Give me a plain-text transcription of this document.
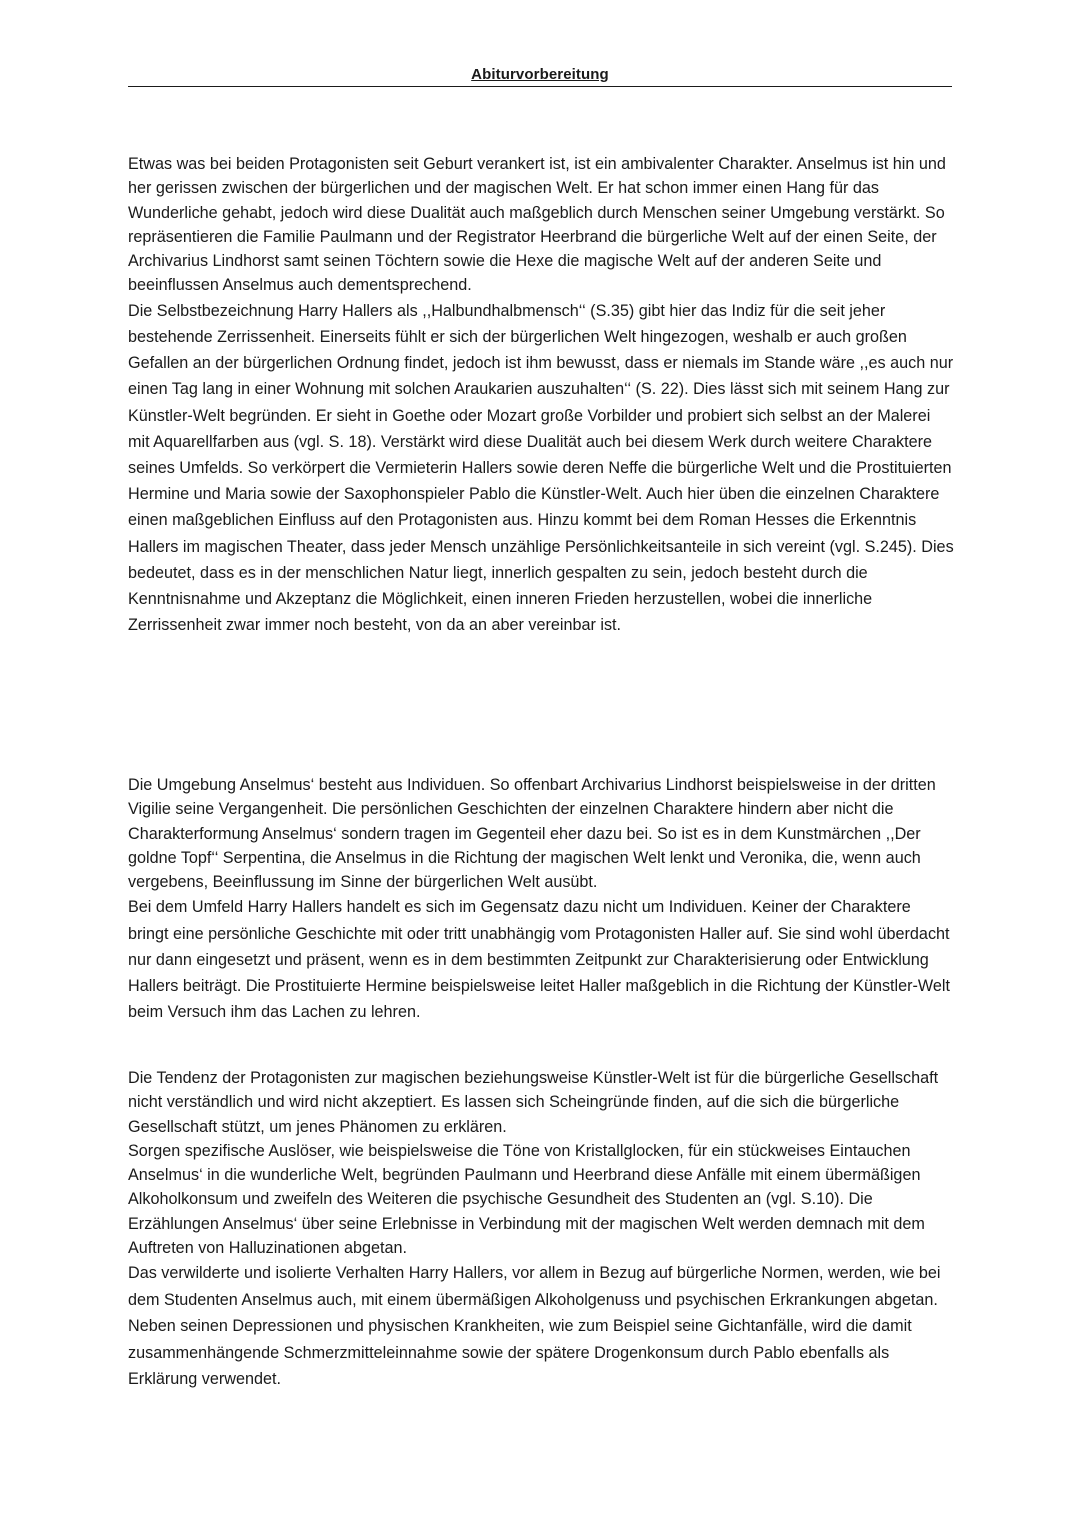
Abiturvorbereitung

Etwas was bei beiden Protagonisten seit Geburt verankert ist, ist ein ambivalenter Charakter. Anselmus ist hin und her gerissen zwischen der bürgerlichen und der magischen Welt. Er hat schon immer einen Hang für das Wunderliche gehabt, jedoch wird diese Dualität auch maßgeblich durch Menschen seiner Umgebung verstärkt. So repräsentieren die Familie Paulmann und der Registrator Heerbrand die bürgerliche Welt auf der einen Seite, der Archivarius Lindhorst samt seinen Töchtern sowie die Hexe die magische Welt auf der anderen Seite und beeinflussen Anselmus auch dementsprechend.

Die Selbstbezeichnung Harry Hallers als ,,Halbundhalbmensch‘‘ (S.35) gibt hier das Indiz für die seit jeher bestehende Zerrissenheit. Einerseits fühlt er sich der bürgerlichen Welt hingezogen, weshalb er auch großen Gefallen an der bürgerlichen Ordnung findet, jedoch ist ihm bewusst, dass er niemals im Stande wäre ,,es auch nur einen Tag lang in einer Wohnung mit solchen Araukarien auszuhalten‘‘ (S. 22). Dies lässt sich mit seinem Hang zur Künstler-Welt begründen. Er sieht in Goethe oder Mozart große Vorbilder und probiert sich selbst an der Malerei mit Aquarellfarben aus (vgl. S. 18). Verstärkt wird diese Dualität auch bei diesem Werk durch weitere Charaktere seines Umfelds. So verkörpert die Vermieterin Hallers sowie deren Neffe die bürgerliche Welt und die Prostituierten Hermine und Maria sowie der Saxophonspieler Pablo die Künstler-Welt. Auch hier üben die einzelnen Charaktere einen maßgeblichen Einfluss auf den Protagonisten aus. Hinzu kommt bei dem Roman Hesses die Erkenntnis Hallers im magischen Theater, dass jeder Mensch unzählige Persönlichkeitsanteile in sich vereint (vgl. S.245). Dies bedeutet, dass es in der menschlichen Natur liegt, innerlich gespalten zu sein, jedoch besteht durch die Kenntnisnahme und Akzeptanz die Möglichkeit, einen inneren Frieden herzustellen, wobei die innerliche Zerrissenheit zwar immer noch besteht, von da an aber vereinbar ist.

Die Umgebung Anselmus‘ besteht aus Individuen. So offenbart Archivarius Lindhorst beispielsweise in der dritten Vigilie seine Vergangenheit. Die persönlichen Geschichten der einzelnen Charaktere hindern aber nicht die Charakterformung Anselmus‘ sondern tragen im Gegenteil eher dazu bei. So ist es in dem Kunstmärchen ,,Der goldne Topf‘‘ Serpentina, die Anselmus in die Richtung der magischen Welt lenkt und Veronika, die, wenn auch vergebens, Beeinflussung im Sinne der bürgerlichen Welt ausübt.

Bei dem Umfeld Harry Hallers handelt es sich im Gegensatz dazu nicht um Individuen. Keiner der Charaktere bringt eine persönliche Geschichte mit oder tritt unabhängig vom Protagonisten Haller auf. Sie sind wohl überdacht nur dann eingesetzt und präsent, wenn es in dem bestimmten Zeitpunkt zur Charakterisierung oder Entwicklung Hallers beiträgt. Die Prostituierte Hermine beispielsweise leitet Haller maßgeblich in die Richtung der Künstler-Welt beim Versuch ihm das Lachen zu lehren.

Die Tendenz der Protagonisten zur magischen beziehungsweise Künstler-Welt ist für die bürgerliche Gesellschaft nicht verständlich und wird nicht akzeptiert. Es lassen sich Scheingründe finden, auf die sich die bürgerliche Gesellschaft stützt, um jenes Phänomen zu erklären.

Sorgen spezifische Auslöser, wie beispielsweise die Töne von Kristallglocken, für ein stückweises Eintauchen Anselmus‘ in die wunderliche Welt, begründen Paulmann und Heerbrand diese Anfälle mit einem übermäßigen Alkoholkonsum und zweifeln des Weiteren die psychische Gesundheit des Studenten an (vgl. S.10). Die Erzählungen Anselmus‘ über seine Erlebnisse in Verbindung mit der magischen Welt werden demnach mit dem Auftreten von Halluzinationen abgetan.

Das verwilderte und isolierte Verhalten Harry Hallers, vor allem in Bezug auf bürgerliche Normen, werden, wie bei dem Studenten Anselmus auch, mit einem übermäßigen Alkoholgenuss und psychischen Erkrankungen abgetan. Neben seinen Depressionen und physischen Krankheiten, wie zum Beispiel seine Gichtanfälle, wird die damit zusammenhängende Schmerzmitteleinnahme sowie der spätere Drogenkonsum durch Pablo ebenfalls als Erklärung verwendet.
